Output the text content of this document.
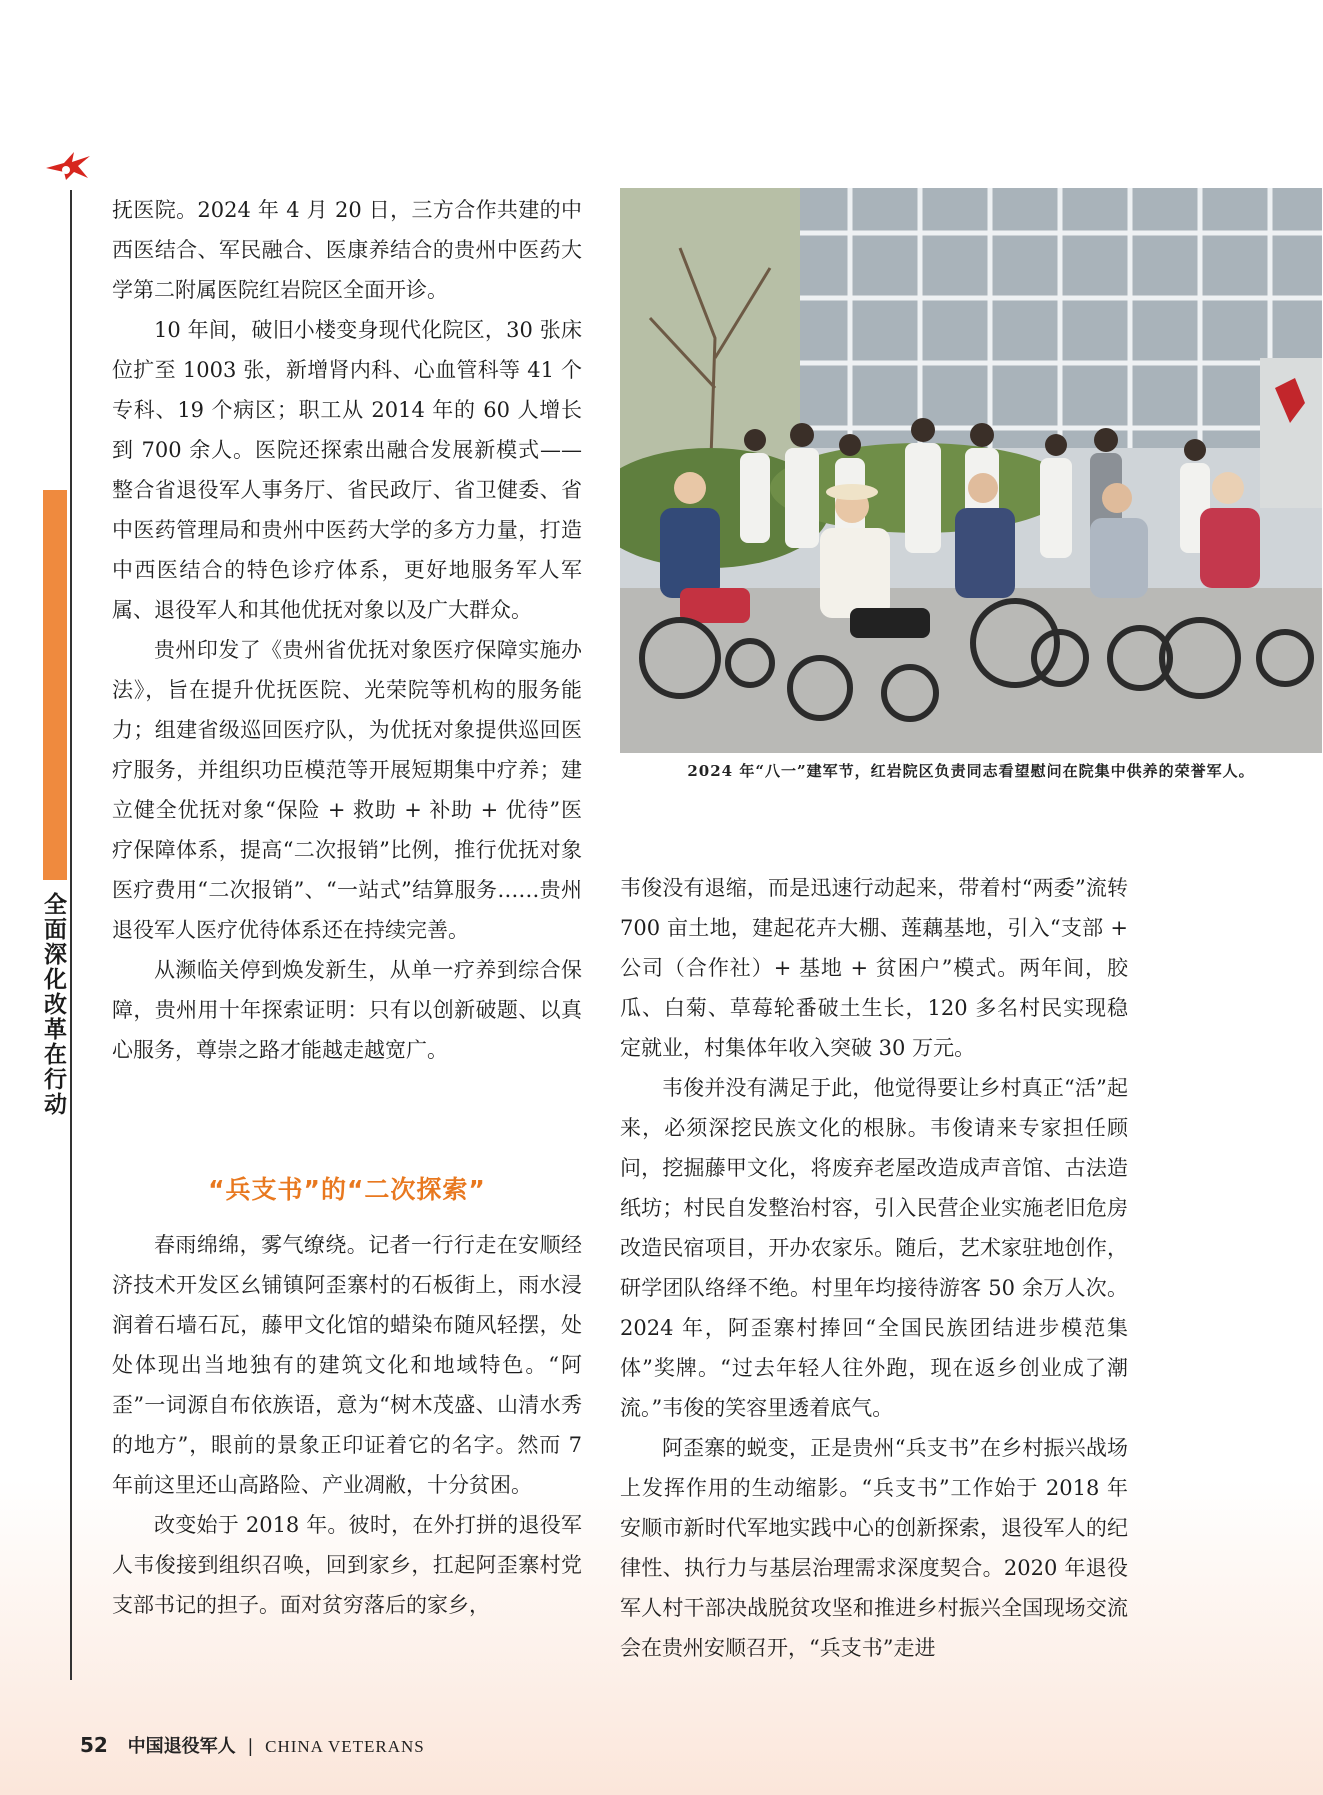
全面深化改革在行动

抚医院。2024 年 4 月 20 日，三方合作共建的中西医结合、军民融合、医康养结合的贵州中医药大学第二附属医院红岩院区全面开诊。

10 年间，破旧小楼变身现代化院区，30 张床位扩至 1003 张，新增肾内科、心血管科等 41 个专科、19 个病区；职工从 2014 年的 60 人增长到 700 余人。医院还探索出融合发展新模式——整合省退役军人事务厅、省民政厅、省卫健委、省中医药管理局和贵州中医药大学的多方力量，打造中西医结合的特色诊疗体系，更好地服务军人军属、退役军人和其他优抚对象以及广大群众。

贵州印发了《贵州省优抚对象医疗保障实施办法》，旨在提升优抚医院、光荣院等机构的服务能力；组建省级巡回医疗队，为优抚对象提供巡回医疗服务，并组织功臣模范等开展短期集中疗养；建立健全优抚对象“保险 + 救助 + 补助 + 优待”医疗保障体系，提高“二次报销”比例，推行优抚对象医疗费用“二次报销”、“一站式”结算服务……贵州退役军人医疗优待体系还在持续完善。

从濒临关停到焕发新生，从单一疗养到综合保障，贵州用十年探索证明：只有以创新破题、以真心服务，尊崇之路才能越走越宽广。

“兵支书”的“二次探索”

春雨绵绵，雾气缭绕。记者一行行走在安顺经济技术开发区幺铺镇阿歪寨村的石板街上，雨水浸润着石墙石瓦，藤甲文化馆的蜡染布随风轻摆，处处体现出当地独有的建筑文化和地域特色。“阿歪”一词源自布依族语，意为“树木茂盛、山清水秀的地方”，眼前的景象正印证着它的名字。然而 7 年前这里还山高路险、产业凋敝，十分贫困。

改变始于 2018 年。彼时，在外打拼的退役军人韦俊接到组织召唤，回到家乡，扛起阿歪寨村党支部书记的担子。面对贫穷落后的家乡，

2024 年“八一”建军节，红岩院区负责同志看望慰问在院集中供养的荣誉军人。

韦俊没有退缩，而是迅速行动起来，带着村“两委”流转 700 亩土地，建起花卉大棚、莲藕基地，引入“支部 + 公司（合作社）+ 基地 + 贫困户”模式。两年间，胶瓜、白菊、草莓轮番破土生长，120 多名村民实现稳定就业，村集体年收入突破 30 万元。

韦俊并没有满足于此，他觉得要让乡村真正“活”起来，必须深挖民族文化的根脉。韦俊请来专家担任顾问，挖掘藤甲文化，将废弃老屋改造成声音馆、古法造纸坊；村民自发整治村容，引入民营企业实施老旧危房改造民宿项目，开办农家乐。随后，艺术家驻地创作，研学团队络绎不绝。村里年均接待游客 50 余万人次。2024 年，阿歪寨村捧回“全国民族团结进步模范集体”奖牌。“过去年轻人往外跑，现在返乡创业成了潮流。”韦俊的笑容里透着底气。

阿歪寨的蜕变，正是贵州“兵支书”在乡村振兴战场上发挥作用的生动缩影。“兵支书”工作始于 2018 年安顺市新时代军地实践中心的创新探索，退役军人的纪律性、执行力与基层治理需求深度契合。2020 年退役军人村干部决战脱贫攻坚和推进乡村振兴全国现场交流会在贵州安顺召开，“兵支书”走进

52 中国退役军人 | CHINA VETERANS
